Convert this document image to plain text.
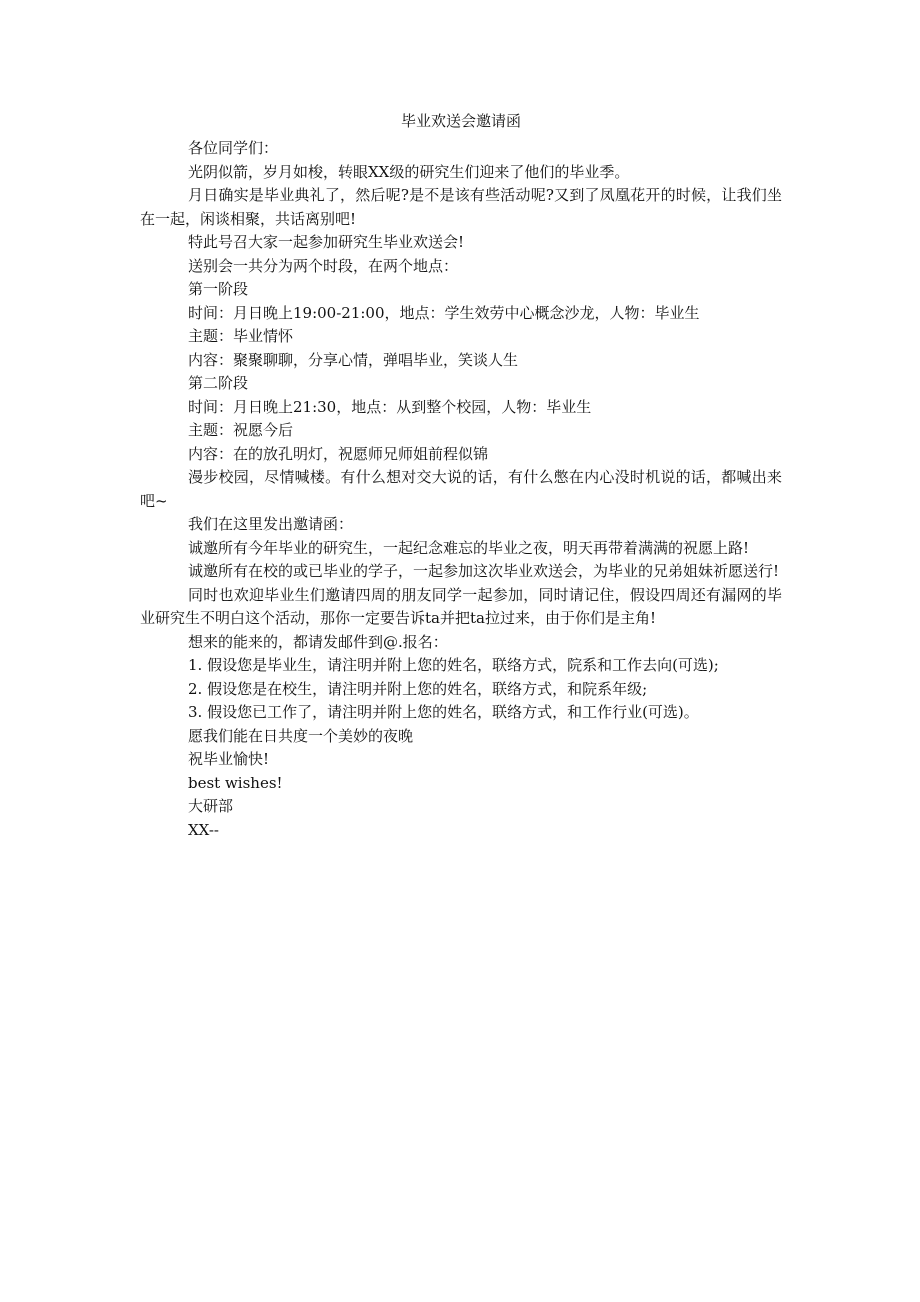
毕业欢送会邀请函

各位同学们：

光阴似箭，岁月如梭，转眼XX级的研究生们迎来了他们的毕业季。

月日确实是毕业典礼了，然后呢?是不是该有些活动呢?又到了凤凰花开的时候，让我们坐在一起，闲谈相聚，共话离别吧!

特此号召大家一起参加研究生毕业欢送会!

送别会一共分为两个时段，在两个地点：

第一阶段

时间：月日晚上19:00-21:00，地点：学生效劳中心概念沙龙，人物：毕业生

主题：毕业情怀

内容：聚聚聊聊，分享心情，弹唱毕业，笑谈人生

第二阶段

时间：月日晚上21:30，地点：从到整个校园，人物：毕业生

主题：祝愿今后

内容：在的放孔明灯，祝愿师兄师姐前程似锦

漫步校园，尽情喊楼。有什么想对交大说的话，有什么憋在内心没时机说的话，都喊出来吧~

我们在这里发出邀请函：

诚邀所有今年毕业的研究生，一起纪念难忘的毕业之夜，明天再带着满满的祝愿上路!

诚邀所有在校的或已毕业的学子，一起参加这次毕业欢送会，为毕业的兄弟姐妹祈愿送行!

同时也欢迎毕业生们邀请四周的朋友同学一起参加，同时请记住，假设四周还有漏网的毕业研究生不明白这个活动，那你一定要告诉ta并把ta拉过来，由于你们是主角!

想来的能来的，都请发邮件到@.报名：

1. 假设您是毕业生，请注明并附上您的姓名，联络方式，院系和工作去向(可选);

2. 假设您是在校生，请注明并附上您的姓名，联络方式，和院系年级;

3. 假设您已工作了，请注明并附上您的姓名，联络方式，和工作行业(可选)。

愿我们能在日共度一个美妙的夜晚

祝毕业愉快!

best wishes!

大研部

XX--
